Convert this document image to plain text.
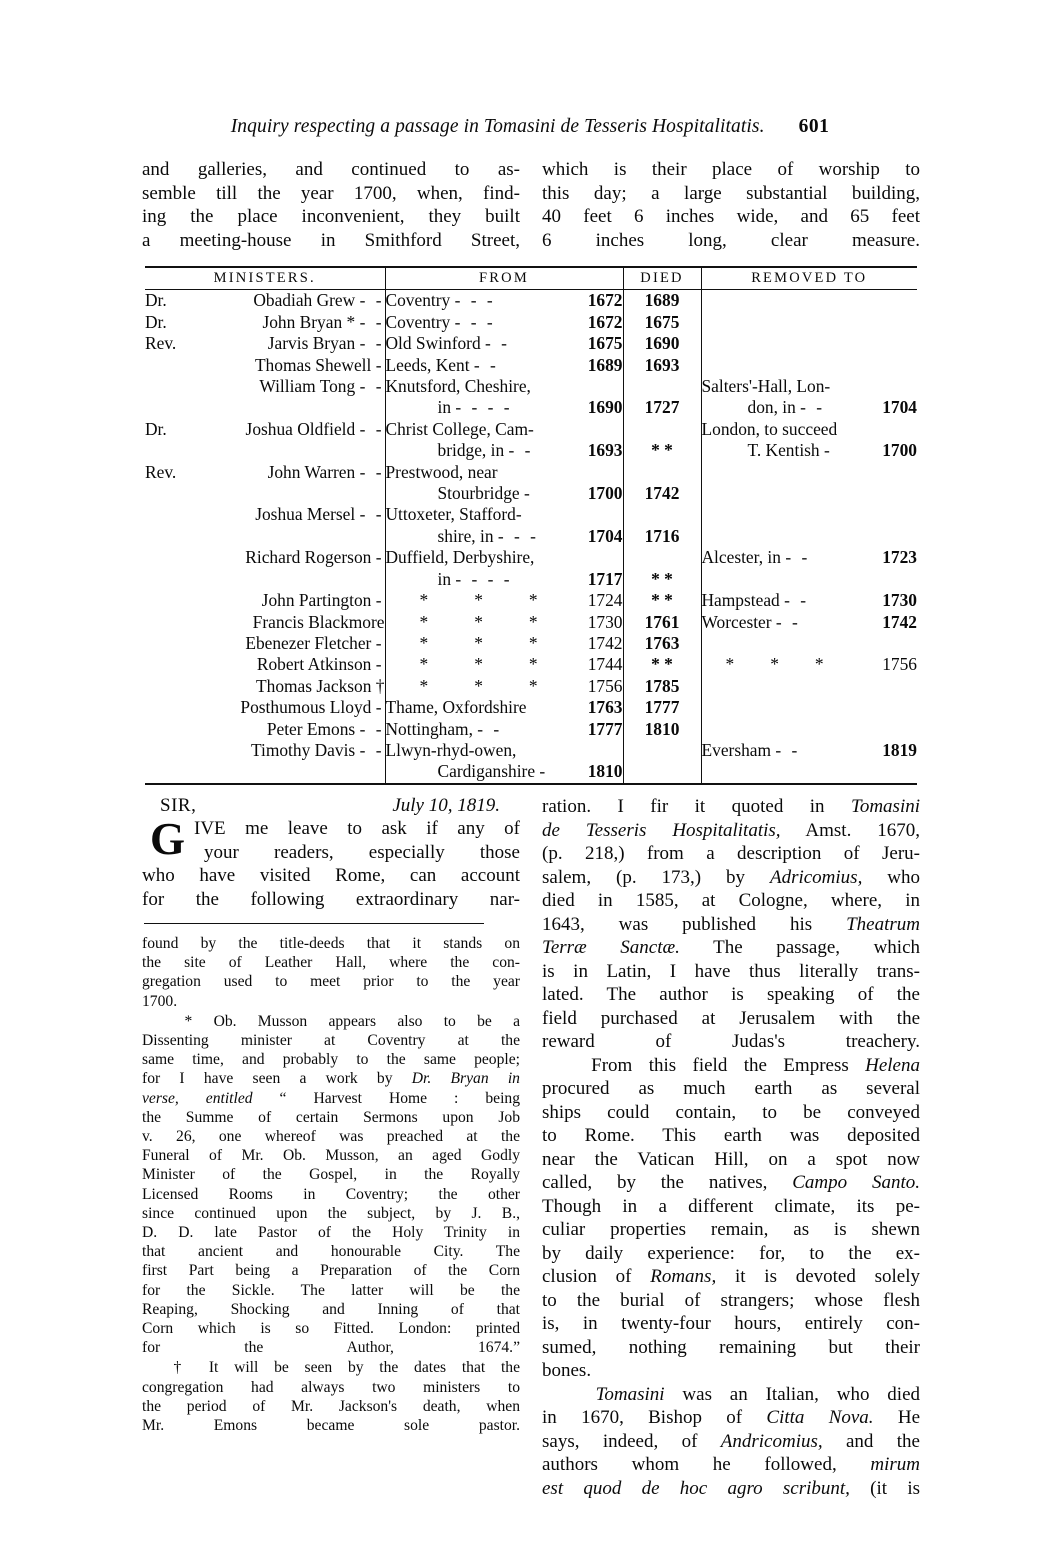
Inquiry respecting a passage in Tomasini de Tesseris Hospitalitatis. 601
and galleries, and continued to as-
semble till the year 1700, when, find-
ing the place inconvenient, they built
a meeting-house in Smithford Street,
which is their place of worship to
this day; a large substantial building,
40 feet 6 inches wide, and 65 feet
6 inches long, clear measure.
MINISTERS.	FROM	DIED	REMOVED TO

Dr. Obadiah Grew - -	Coventry - - - 1672	1689	

Dr. John Bryan * - -	Coventry - - - 1672	1675	

Rev. Jarvis Bryan - -	Old Swinford - - 1675	1690	

Thomas Shewell -	Leeds, Kent - - 1689	1693	

William Tong - -	Knutsford, Cheshire,		Salters'-Hall, Lon-

	in - - - - 1690	1727	don, in - - 1704

Dr. Joshua Oldfield - -	Christ College, Cam-		London, to succeed

	bridge, in - - 1693	* *	T. Kentish - 1700

Rev. John Warren - -	Prestwood, near		

	Stourbridge - 1700	1742	

Joshua Mersel - -	Uttoxeter, Stafford-		

	shire, in - - - 1704	1716	

Richard Rogerson -	Duffield, Derbyshire,		Alcester, in - - 1723

	in - - - - 1717	* *	

John Partington -	* * * 1724	* *	Hampstead - - 1730

Francis Blackmore	* * * 1730	1761	Worcester - - 1742

Ebenezer Fletcher -	* * * 1742	1763	

Robert Atkinson -	* * * 1744	* *	* * * 1756

Thomas Jackson †	* * * 1756	1785	

Posthumous Lloyd -	Thame, Oxfordshire 1763	1777	

Peter Emons - -	Nottingham, - - 1777	1810	

Timothy Davis - -	Llwyn-rhyd-owen,		Eversham - - 1819

	Cardiganshire - 1810		

SIR,	July 10, 1819.
G IVE me leave to ask if any of
your readers, especially those
who have visited Rome, can account
for the following extraordinary nar-
found by the title-deeds that it stands on
the site of Leather Hall, where the con-
gregation used to meet prior to the year
1700.
* Ob. Musson appears also to be a
Dissenting minister at Coventry at the
same time, and probably to the same people;
for I have seen a work by Dr. Bryan in
verse, entitled “ Harvest Home : being
the Summe of certain Sermons upon Job
v. 26, one whereof was preached at the
Funeral of Mr. Ob. Musson, an aged Godly
Minister of the Gospel, in the Royally
Licensed Rooms in Coventry; the other
since continued upon the subject, by J. B.,
D. D. late Pastor of the Holy Trinity in
that ancient and honourable City. The
first Part being a Preparation of the Corn
for the Sickle. The latter will be the
Reaping, Shocking and Inning of that
Corn which is so Fitted. London: printed
for the Author, 1674.”
† It will be seen by the dates that the
congregation had always two ministers to
the period of Mr. Jackson's death, when
Mr. Emons became sole pastor.
ration. I fir it quoted in Tomasini
de Tesseris Hospitalitatis, Amst. 1670,
(p. 218,) from a description of Jeru-
salem, (p. 173,) by Adricomius, who
died in 1585, at Cologne, where, in
1643, was published his Theatrum
Terræ Sanctæ. The passage, which
is in Latin, I have thus literally trans-
lated. The author is speaking of the
field purchased at Jerusalem with the
reward of Judas's treachery.
From this field the Empress Helena
procured as much earth as several
ships could contain, to be conveyed
to Rome. This earth was deposited
near the Vatican Hill, on a spot now
called, by the natives, Campo Santo.
Though in a different climate, its pe-
culiar properties remain, as is shewn
by daily experience: for, to the ex-
clusion of Romans, it is devoted solely
to the burial of strangers; whose flesh
is, in twenty-four hours, entirely con-
sumed, nothing remaining but their
bones.
Tomasini was an Italian, who died
in 1670, Bishop of Citta Nova. He
says, indeed, of Andricomius, and the
authors whom he followed, mirum
est quod de hoc agro scribunt, (it is
